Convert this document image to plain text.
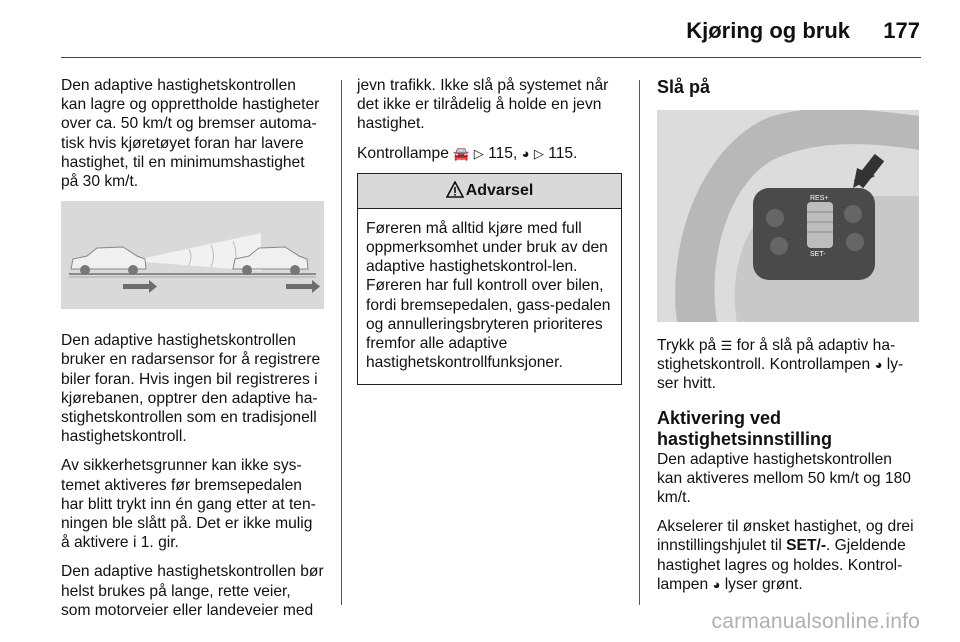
Kjøring og bruk 177

Den adaptive hastighetskontrollen kan lagre og opprettholde hastigheter over ca. 50 km/t og bremser automa-tisk hvis kjøretøyet foran har lavere hastighet, til en minimumshastighet på 30 km/t.

Den adaptive hastighetskontrollen bruker en radarsensor for å registrere biler foran. Hvis ingen bil registreres i kjørebanen, opptrer den adaptive ha-stighetskontrollen som en tradisjonell hastighetskontroll.

Av sikkerhetsgrunner kan ikke sys-temet aktiveres før bremsepedalen har blitt trykt inn én gang etter at ten-ningen ble slått på. Det er ikke mulig å aktivere i 1. gir.

Den adaptive hastighetskontrollen bør helst brukes på lange, rette veier, som motorveier eller landeveier med

jevn trafikk. Ikke slå på systemet når det ikke er tilrådelig å holde en jevn hastighet.

Kontrollampe 🚘 ▷ 115, ◕ ▷ 115.

Advarsel
Føreren må alltid kjøre med full oppmerksomhet under bruk av den adaptive hastighetskontrol-len. Føreren har full kontroll over bilen, fordi bremsepedalen, gass-pedalen og annulleringsbryteren prioriteres fremfor alle adaptive hastighetskontrollfunksjoner.
Slå på
RES+
SET-

Trykk på ☰ for å slå på adaptiv ha-stighetskontroll. Kontrollampen ◕ ly-ser hvitt.

Aktivering ved
hastighetsinnstilling

Den adaptive hastighetskontrollen kan aktiveres mellom 50 km/t og 180 km/t.

Akselerer til ønsket hastighet, og drei innstillingshjulet til SET/-. Gjeldende hastighet lagres og holdes. Kontrol-lampen ◕ lyser grønt.

carmanualsonline.info
